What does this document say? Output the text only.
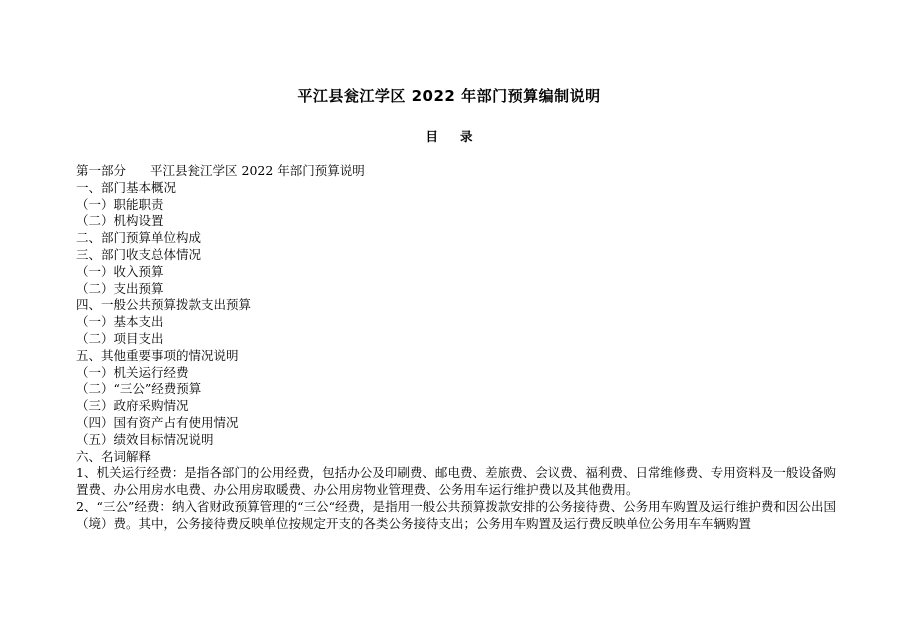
平江县瓮江学区 2022 年部门预算编制说明
目录
第一部分 平江县瓮江学区 2022 年部门预算说明
一、部门基本概况
（一）职能职责
（二）机构设置
二、部门预算单位构成
三、部门收支总体情况
（一）收入预算
（二）支出预算
四、一般公共预算拨款支出预算
（一）基本支出
（二）项目支出
五、其他重要事项的情况说明
（一）机关运行经费
（二）“三公”经费预算
（三）政府采购情况
（四）国有资产占有使用情况
（五）绩效目标情况说明
六、名词解释
1、机关运行经费：是指各部门的公用经费，包括办公及印刷费、邮电费、差旅费、会议费、福利费、日常维修费、专用资料及一般设备购置费、办公用房水电费、办公用房取暖费、办公用房物业管理费、公务用车运行维护费以及其他费用。
2、“三公”经费：纳入省财政预算管理的“三公“经费，是指用一般公共预算拨款安排的公务接待费、公务用车购置及运行维护费和因公出国（境）费。其中，公务接待费反映单位按规定开支的各类公务接待支出；公务用车购置及运行费反映单位公务用车车辆购置
